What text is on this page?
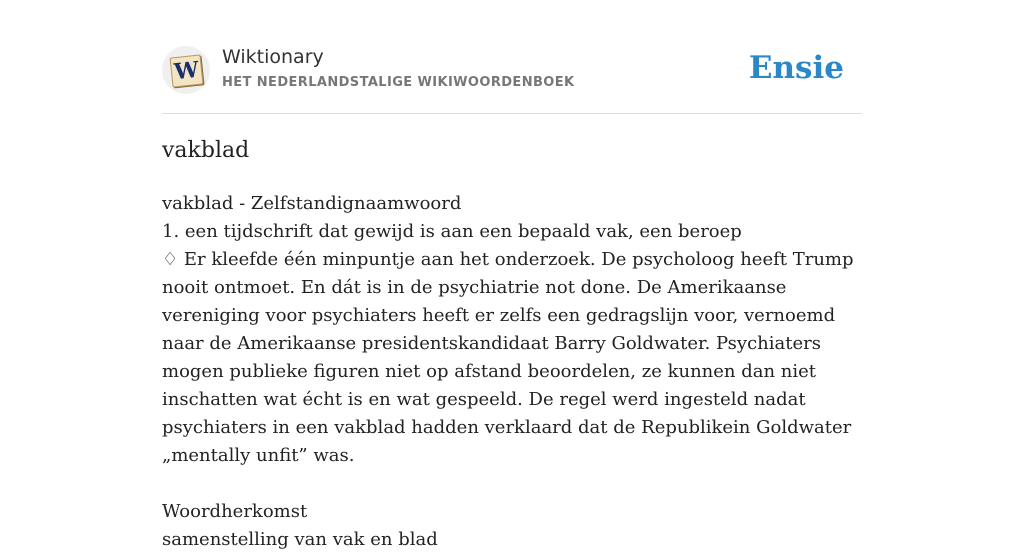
W Wiktionary
HET NEDERLANDSTALIGE WIKIWOORDENBOEK	Ensie
vakblad

vakblad - Zelfstandignaamwoord

1. een tijdschrift dat gewijd is aan een bepaald vak, een beroep

♢ Er kleefde één minpuntje aan het onderzoek. De psycholoog heeft Trump nooit ontmoet. En dát is in de psychiatrie not done. De Amerikaanse vereniging voor psychiaters heeft er zelfs een gedragslijn voor, vernoemd naar de Amerikaanse presidentskandidaat Barry Goldwater. Psychiaters mogen publieke figuren niet op afstand beoordelen, ze kunnen dan niet inschatten wat écht is en wat gespeeld. De regel werd ingesteld nadat psychiaters in een vakblad hadden verklaard dat de Republikein Goldwater „mentally unfit” was.

Woordherkomst

samenstelling van vak en blad
